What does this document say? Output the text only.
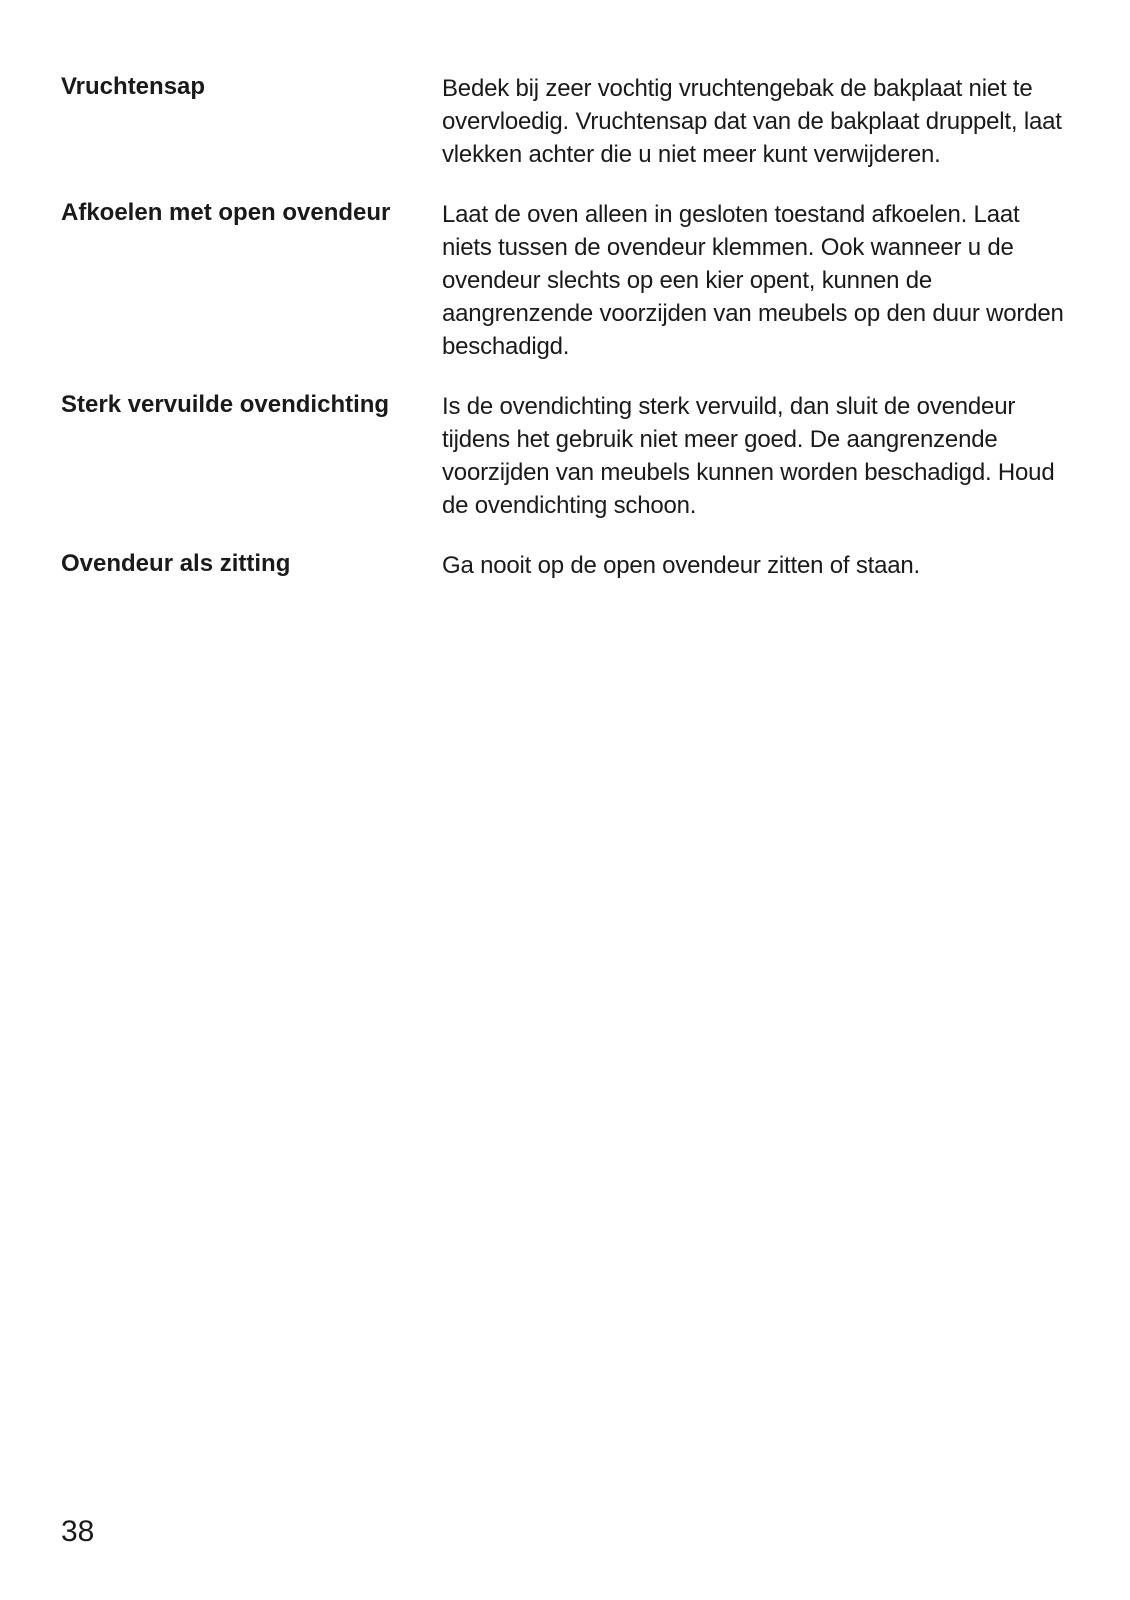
Vruchtensap	Bedek bij zeer vochtig vruchtengebak de bakplaat niet te overvloedig. Vruchtensap dat van de bakplaat druppelt, laat vlekken achter die u niet meer kunt verwijderen.
Afkoelen met open ovendeur	Laat de oven alleen in gesloten toestand afkoelen. Laat niets tussen de ovendeur klemmen. Ook wanneer u de ovendeur slechts op een kier opent, kunnen de aangrenzende voorzijden van meubels op den duur worden beschadigd.
Sterk vervuilde ovendichting	Is de ovendichting sterk vervuild, dan sluit de ovendeur tijdens het gebruik niet meer goed. De aangrenzende voorzijden van meubels kunnen worden beschadigd. Houd de ovendichting schoon.
Ovendeur als zitting	Ga nooit op de open ovendeur zitten of staan.
38
